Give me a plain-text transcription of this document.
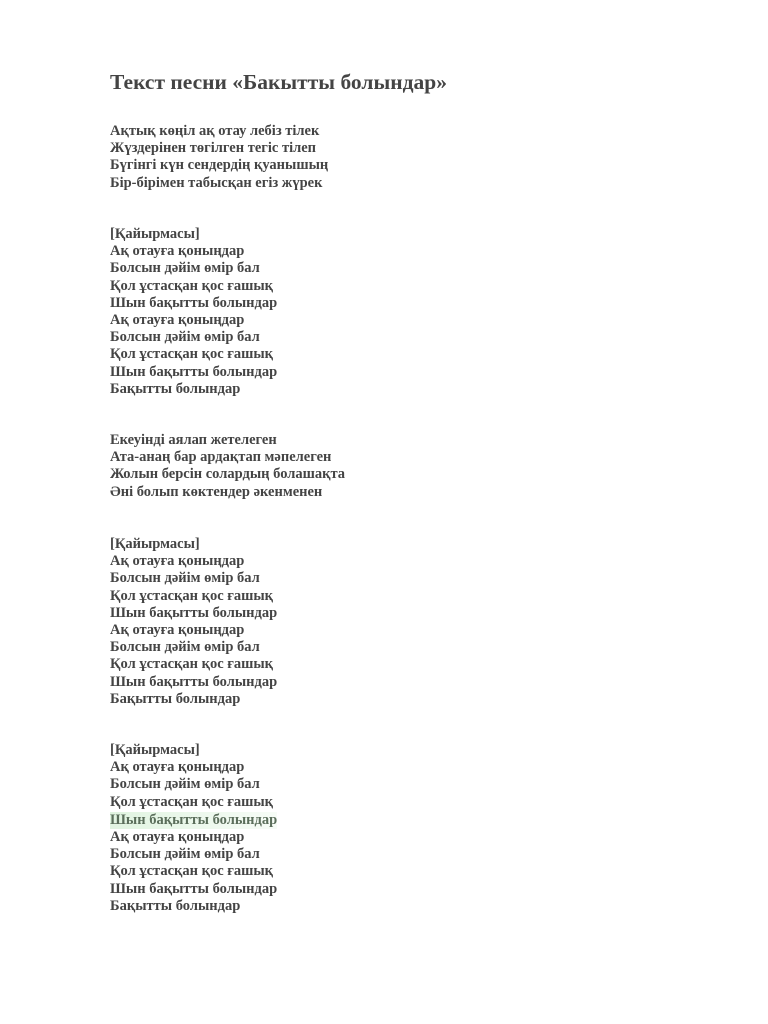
Текст песни «Бакытты болындар»
Ақтық көңіл ақ отау лебіз тілек
Жүздерінен төгілген тегіс тілеп
Бүгінгі күн сендердің қуанышың
Бір-бірімен табысқан егіз жүрек
[Қайырмасы]
Ақ отауға қоныңдар
Болсын дәйім өмір бал
Қол ұстасқан қос ғашық
Шын бақытты болындар
Ақ отауға қоныңдар
Болсын дәйім өмір бал
Қол ұстасқан қос ғашық
Шын бақытты болындар
Бақытты болындар
Екеуінді аялап жетелеген
Ата-анаң бар ардақтап мәпелеген
Жолын берсін солардың болашақта
Әні болып көктендер әкенменен
[Қайырмасы]
Ақ отауға қоныңдар
Болсын дәйім өмір бал
Қол ұстасқан қос ғашық
Шын бақытты болындар
Ақ отауға қоныңдар
Болсын дәйім өмір бал
Қол ұстасқан қос ғашық
Шын бақытты болындар
Бақытты болындар
[Қайырмасы]
Ақ отауға қоныңдар
Болсын дәйім өмір бал
Қол ұстасқан қос ғашық
Шын бақытты болындар
Ақ отауға қоныңдар
Болсын дәйім өмір бал
Қол ұстасқан қос ғашық
Шын бақытты болындар
Бақытты болындар
